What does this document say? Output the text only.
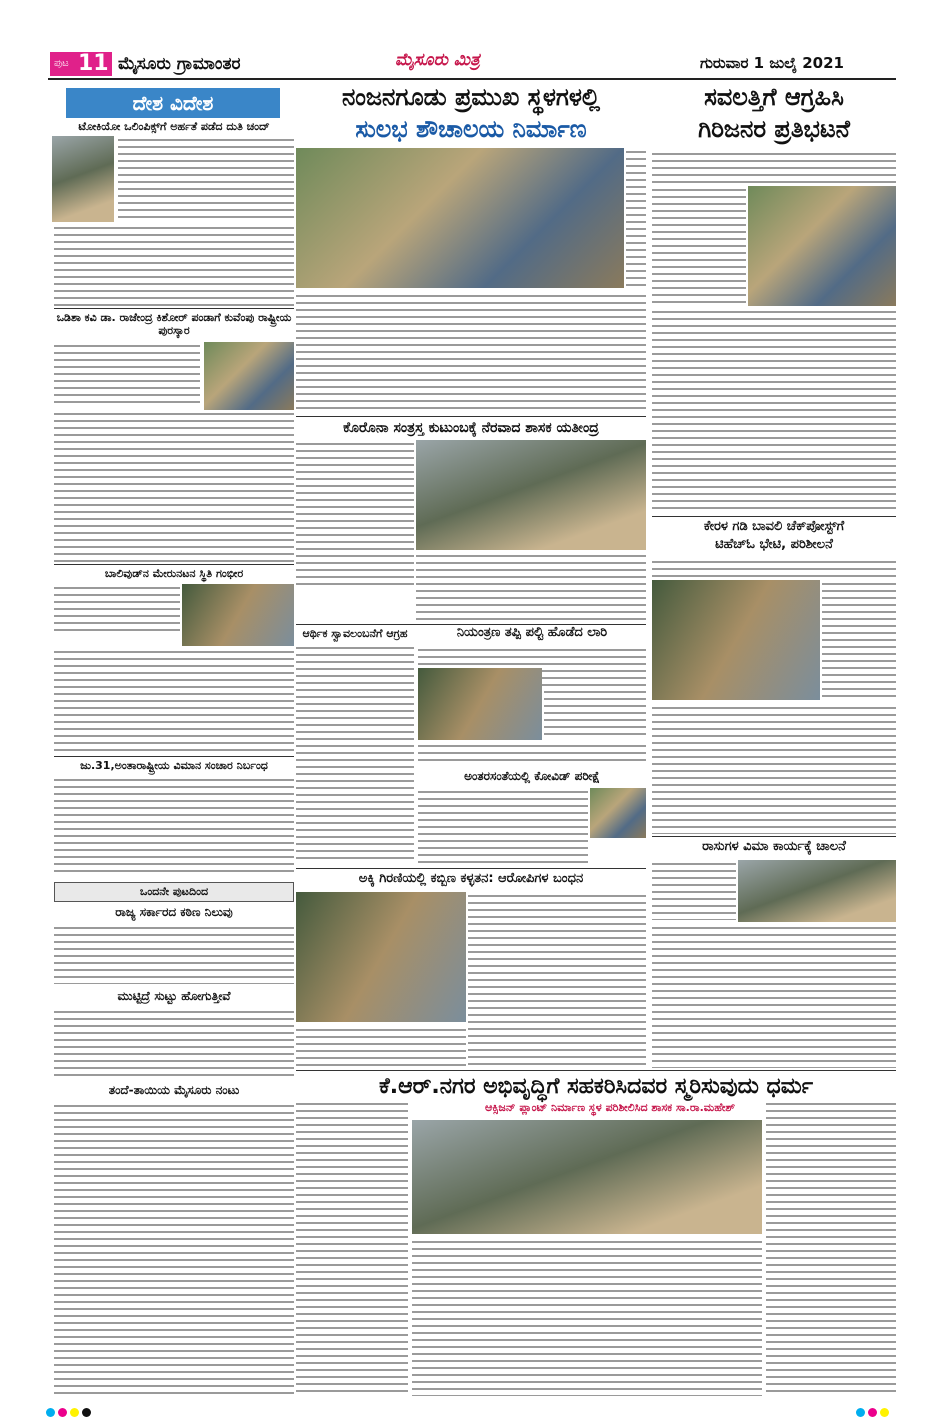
ಪುಟ 11 ಮೈಸೂರು ಗ್ರಾಮಾಂತರ	ಮೈಸೂರು ಮಿತ್ರ	ಗುರುವಾರ 1 ಜುಲೈ 2021
ದೇಶ ವಿದೇಶ
ಟೋಕಿಯೋ ಒಲಿಂಪಿಕ್ಸ್‌ಗೆ ಅರ್ಹತೆ ಪಡೆದ ದುತಿ ಚಂದ್
ಒಡಿಶಾ ಕವಿ ಡಾ. ರಾಜೇಂದ್ರ ಕಿಶೋರ್ ಪಂಡಾಗೆ ಕುವೆಂಪು ರಾಷ್ಟ್ರೀಯ ಪುರಸ್ಕಾರ
ಬಾಲಿವುಡ್‌ನ ಮೇರುನಟನ ಸ್ಥಿತಿ ಗಂಭೀರ
ಜು.31,ಅಂತಾರಾಷ್ಟ್ರೀಯ ವಿಮಾನ ಸಂಚಾರ ನಿರ್ಬಂಧ
ಒಂದನೇ ಪುಟದಿಂದ
ರಾಜ್ಯ ಸರ್ಕಾರದ ಕಠಿಣ ನಿಲುವು
ಮುಟ್ಟಿದ್ರೆ ಸುಟ್ಟು ಹೋಗುತ್ತೀವೆ
ತಂದೆ-ತಾಯಿಯ ಮೈಸೂರು ನಂಟು
ನಂಜನಗೂಡು ಪ್ರಮುಖ ಸ್ಥಳಗಳಲ್ಲಿ
ಸುಲಭ ಶೌಚಾಲಯ ನಿರ್ಮಾಣ
ಕೊರೊನಾ ಸಂತ್ರಸ್ತ ಕುಟುಂಬಕ್ಕೆ ನೆರವಾದ ಶಾಸಕ ಯತೀಂದ್ರ
ಆರ್ಥಿಕ ಸ್ವಾವಲಂಬನೆಗೆ ಆಗ್ರಹ	ನಿಯಂತ್ರಣ ತಪ್ಪಿ ಪಲ್ಟಿ ಹೊಡೆದ ಲಾರಿ
ಅಂತರಸಂತೆಯಲ್ಲಿ ಕೋವಿಡ್ ಪರೀಕ್ಷೆ
ಅಕ್ಕಿ ಗಿರಣಿಯಲ್ಲಿ ಕಬ್ಬಿಣ ಕಳ್ಳತನ: ಆರೋಪಿಗಳ ಬಂಧನ
ಕೆ.ಆರ್.ನಗರ ಅಭಿವೃದ್ಧಿಗೆ ಸಹಕರಿಸಿದವರ ಸ್ಮರಿಸುವುದು ಧರ್ಮ
ಆಕ್ಸಿಜನ್ ಪ್ಲಾಂಟ್ ನಿರ್ಮಾಣ ಸ್ಥಳ ಪರಿಶೀಲಿಸಿದ ಶಾಸಕ ಸಾ.ರಾ.ಮಹೇಶ್
ಸವಲತ್ತಿಗೆ ಆಗ್ರಹಿಸಿ
ಗಿರಿಜನರ ಪ್ರತಿಭಟನೆ
ಕೇರಳ ಗಡಿ ಬಾವಲಿ ಚೆಕ್‌ಪೋಸ್ಟ್‌ಗೆ
ಟಿಹೆಚ್‌ಓ ಭೇಟಿ, ಪರಿಶೀಲನೆ
ರಾಸುಗಳ ವಿಮಾ ಕಾರ್ಯಕ್ಕೆ ಚಾಲನೆ
